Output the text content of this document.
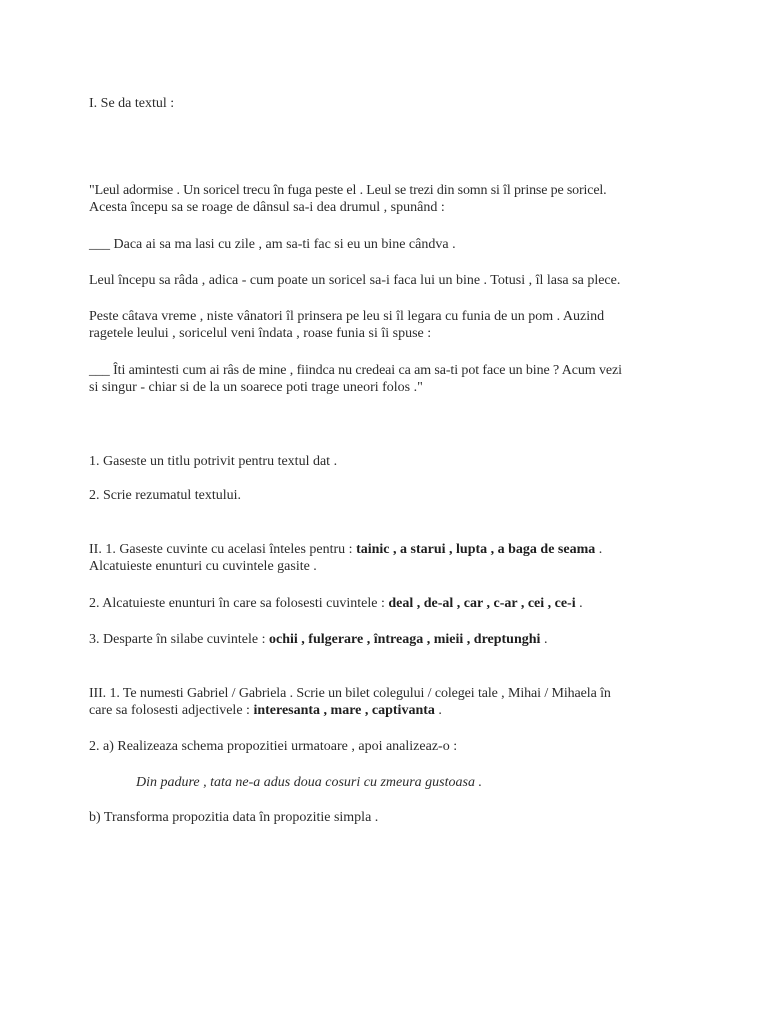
I. Se da textul :
"Leul adormise . Un soricel trecu în fuga peste el . Leul se trezi din somn si îl prinse pe soricel.
Acesta începu sa se roage de dânsul sa-i dea drumul , spunând :
___ Daca ai sa ma lasi cu zile , am sa-ti fac si eu un bine cândva .
Leul începu sa râda , adica - cum poate un soricel sa-i faca lui un bine . Totusi , îl lasa sa plece.
Peste câtava vreme , niste vânatori îl prinsera pe leu si îl legara cu funia de un pom . Auzind
ragetele leului , soricelul veni îndata , roase funia si îi spuse :
___ Îti amintesti cum ai râs de mine , fiindca nu credeai ca am sa-ti pot face un bine ? Acum vezi
si singur - chiar si de la un soarece poti trage uneori folos ."
1. Gaseste un titlu potrivit pentru textul dat .
2. Scrie rezumatul textului.
II. 1. Gaseste cuvinte cu acelasi înteles pentru : tainic , a starui , lupta , a baga de seama .
Alcatuieste enunturi cu cuvintele gasite .
2. Alcatuieste enunturi în care sa folosesti cuvintele : deal , de-al , car , c-ar , cei , ce-i .
3. Desparte în silabe cuvintele : ochii , fulgerare , întreaga , mieii , dreptunghi .
III. 1. Te numesti Gabriel / Gabriela . Scrie un bilet colegului / colegei tale , Mihai / Mihaela în
care sa folosesti adjectivele : interesanta , mare , captivanta .
2. a) Realizeaza schema propozitiei urmatoare , apoi analizeaz-o :
Din padure , tata ne-a adus doua cosuri cu zmeura gustoasa .
b) Transforma propozitia data în propozitie simpla .
